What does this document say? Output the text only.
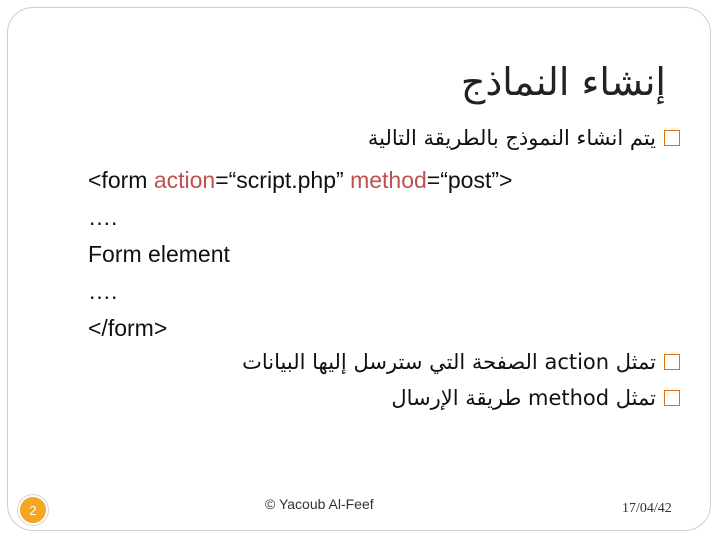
إنشاء النماذج
يتم انشاء النموذج بالطريقة التالية
<form action=“script.php” method=“post”>
….
Form element
….
</form>
تمثل action الصفحة التي سترسل إليها البيانات
تمثل method طريقة الإرسال
2	© Yacoub Al-Feef	17/04/42
